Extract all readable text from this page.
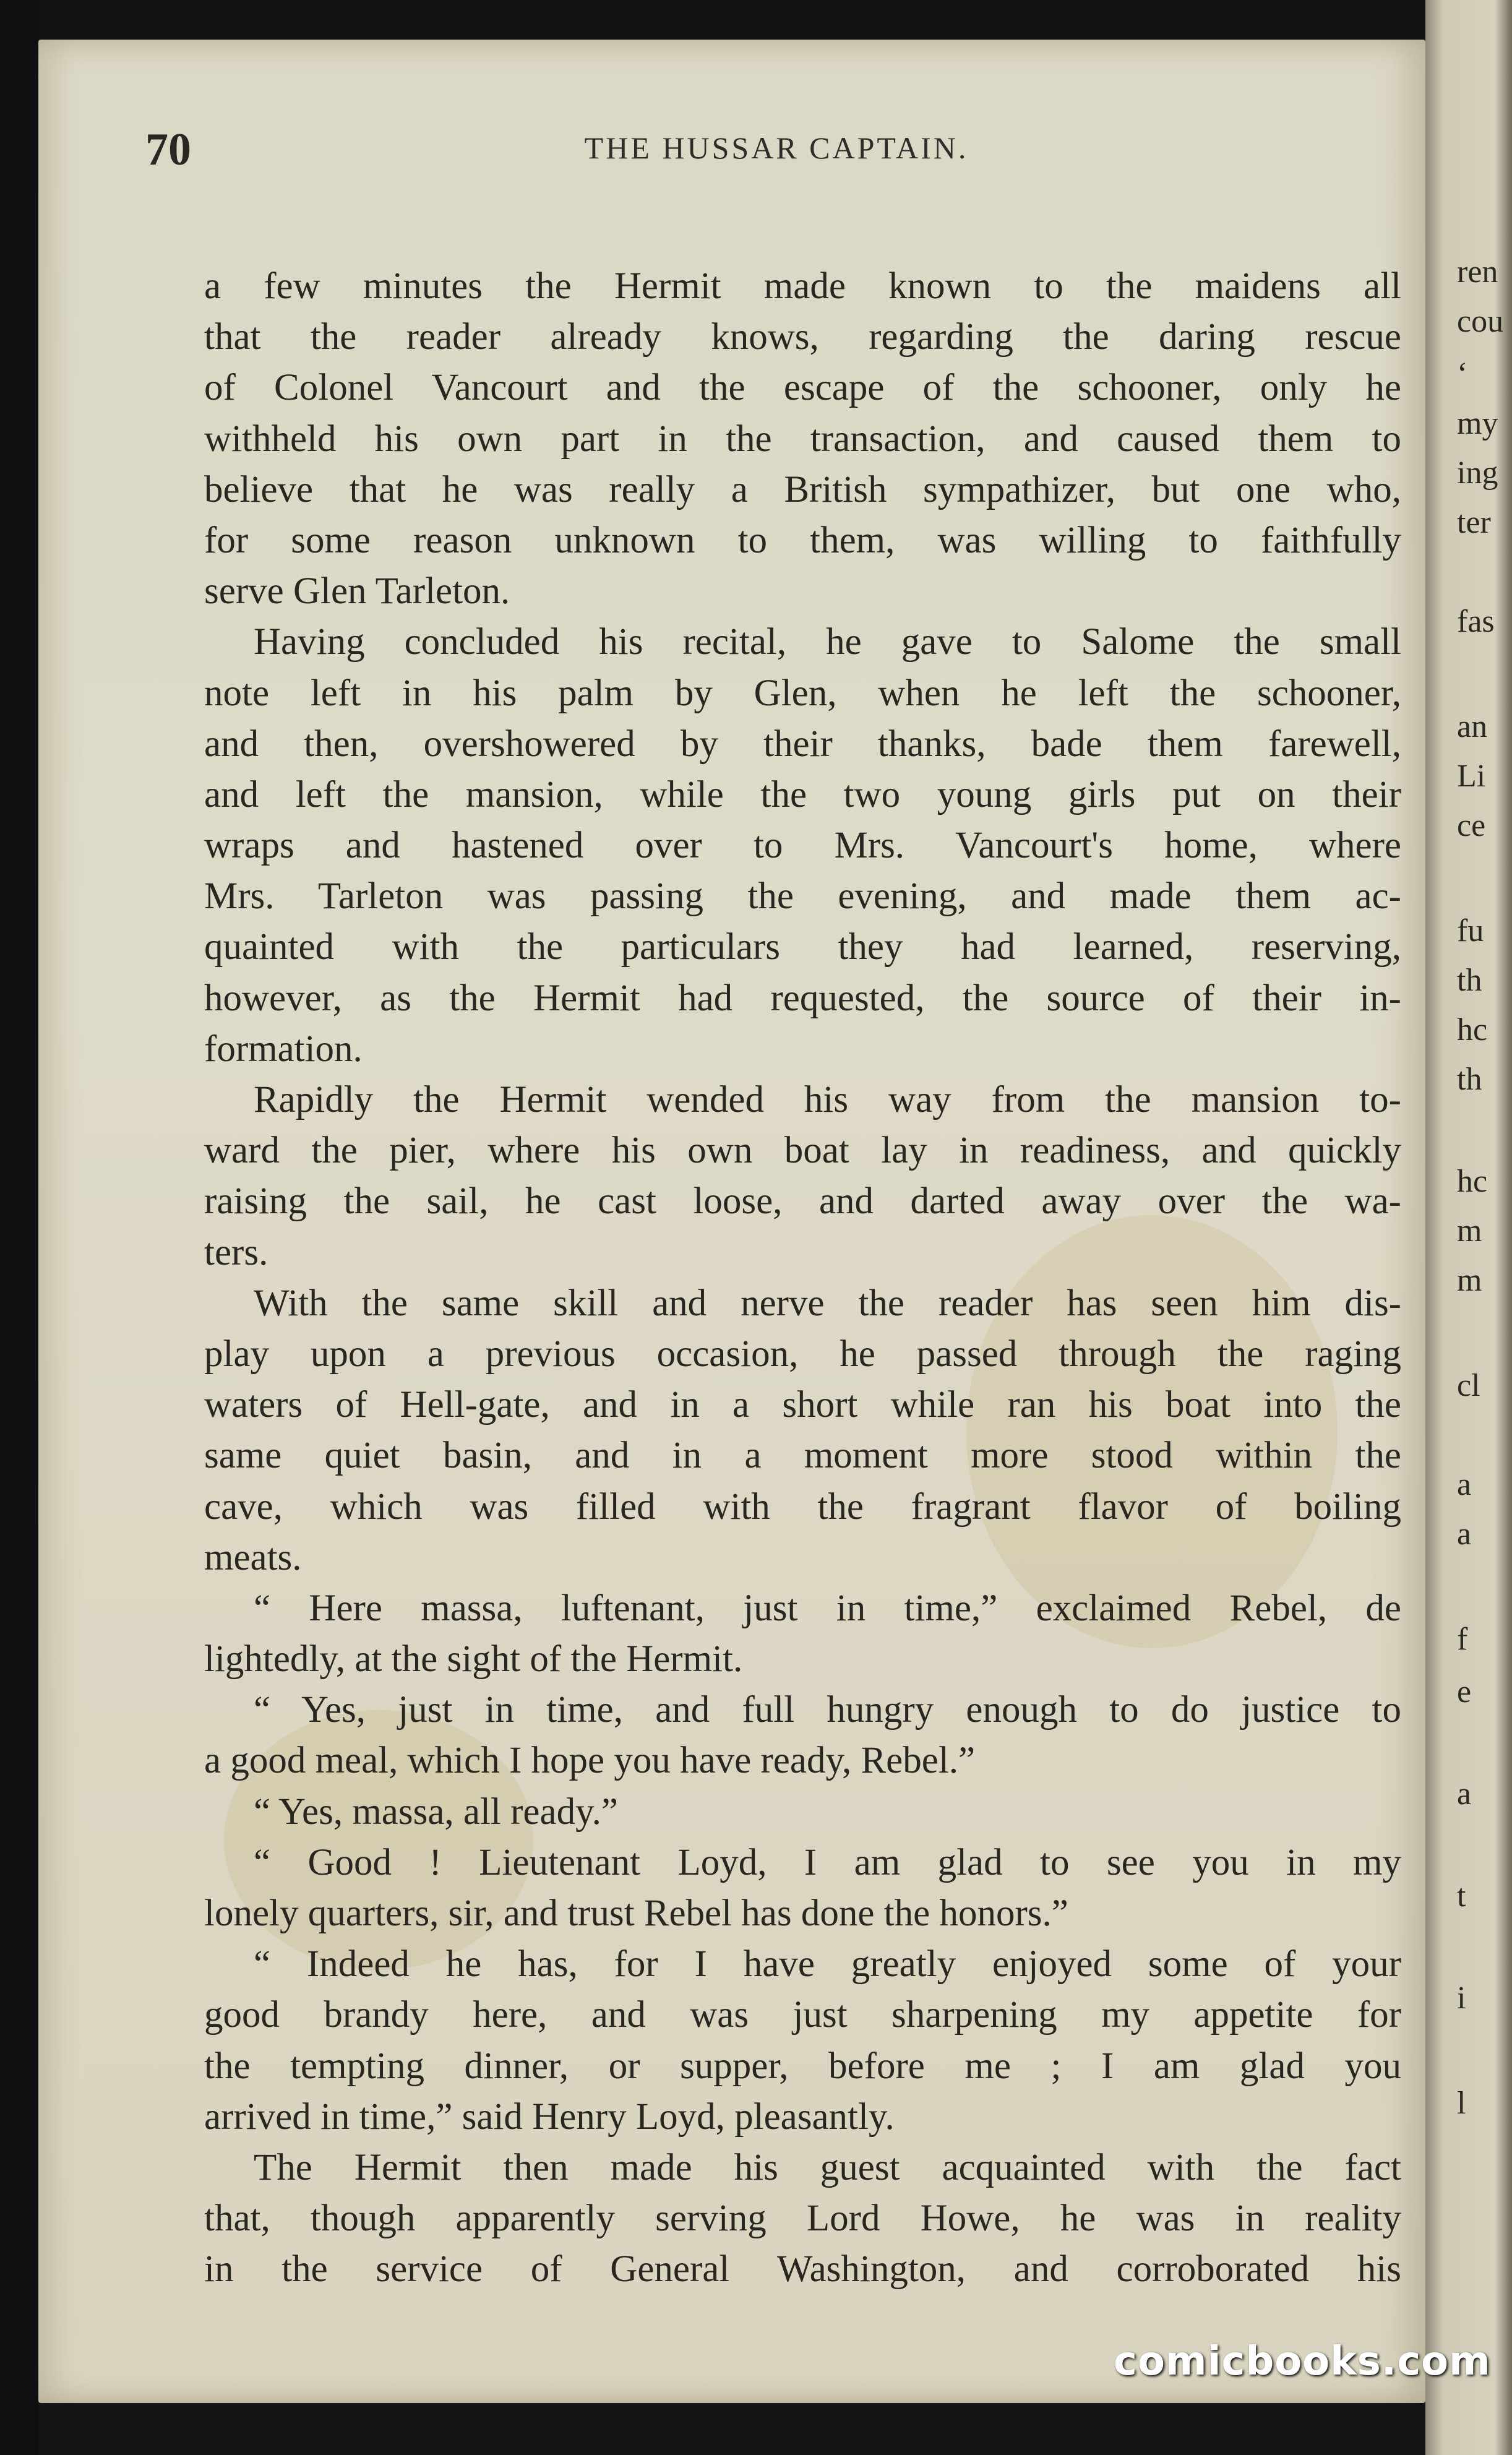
70	THE HUSSAR CAPTAIN.
a few minutes the Hermit made known to the maidens all
that the reader already knows, regarding the daring rescue
of Colonel Vancourt and the escape of the schooner, only he
withheld his own part in the transaction, and caused them to
believe that he was really a British sympathizer, but one who,
for some reason unknown to them, was willing to faithfully
serve Glen Tarleton.
Having concluded his recital, he gave to Salome the small
note left in his palm by Glen, when he left the schooner,
and then, overshowered by their thanks, bade them farewell,
and left the mansion, while the two young girls put on their
wraps and hastened over to Mrs. Vancourt's home, where
Mrs. Tarleton was passing the evening, and made them ac-
quainted with the particulars they had learned, reserving,
however, as the Hermit had requested, the source of their in-
formation.
Rapidly the Hermit wended his way from the mansion to-
ward the pier, where his own boat lay in readiness, and quickly
raising the sail, he cast loose, and darted away over the wa-
ters.
With the same skill and nerve the reader has seen him dis-
play upon a previous occasion, he passed through the raging
waters of Hell-gate, and in a short while ran his boat into the
same quiet basin, and in a moment more stood within the
cave, which was filled with the fragrant flavor of boiling
meats.
“ Here massa, luftenant, just in time,” exclaimed Rebel, de
lightedly, at the sight of the Hermit.
“ Yes, just in time, and full hungry enough to do justice to
a good meal, which I hope you have ready, Rebel.”
“ Yes, massa, all ready.”
“ Good ! Lieutenant Loyd, I am glad to see you in my
lonely quarters, sir, and trust Rebel has done the honors.”
“ Indeed he has, for I have greatly enjoyed some of your
good brandy here, and was just sharpening my appetite for
the tempting dinner, or supper, before me ; I am glad you
arrived in time,” said Henry Loyd, pleasantly.
The Hermit then made his guest acquainted with the fact
that, though apparently serving Lord Howe, he was in reality
in the service of General Washington, and corroborated his
ren
cou
‘
my
ing
ter
fas
an
Li
ce
fu
th
hc
th
hc
m
m
cl
a
a
f
e
a
t
i
l
comicbooks.com
